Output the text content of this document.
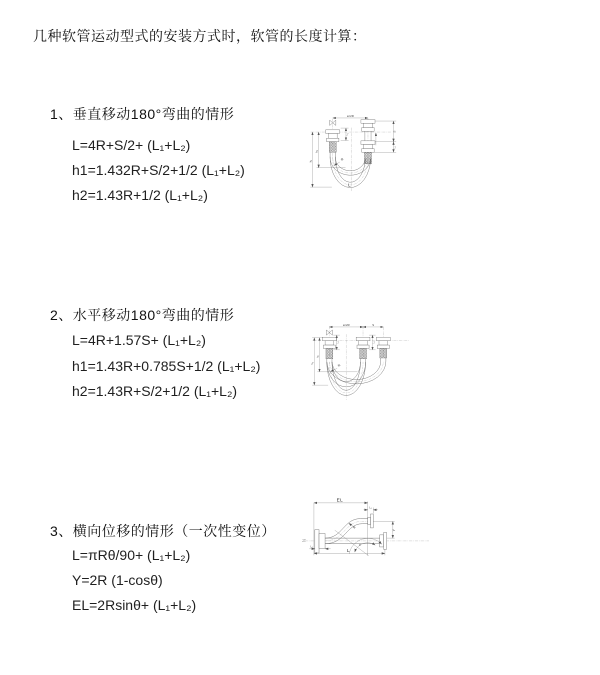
几种软管运动型式的安装方式时，软管的长度计算：
1、垂直移动180°弯曲的情形
L=4R+S/2+ (L₁+L₂)
h1=1.432R+S/2+1/2 (L₁+L₂)
h2=1.43R+1/2 (L₁+L₂)
2、水平移动180°弯曲的情形
L=4R+1.57S+ (L₁+L₂)
h1=1.43R+0.785S+1/2 (L₁+L₂)
h2=1.43R+S/2+1/2 (L₁+L₂)
3、横向位移的情形（一次性变位）
L=πRθ/90+ (L₁+L₂)
Y=2R (1-cosθ)
EL=2Rsinθ+ (L₁+L₂)
a=2R
h₁
h₂
S
L₁
L₁
R
L
a=2R	S
h₁
h₂
L₁	L₁
R
EL
L₁
L₁
Y
L
R
θ
